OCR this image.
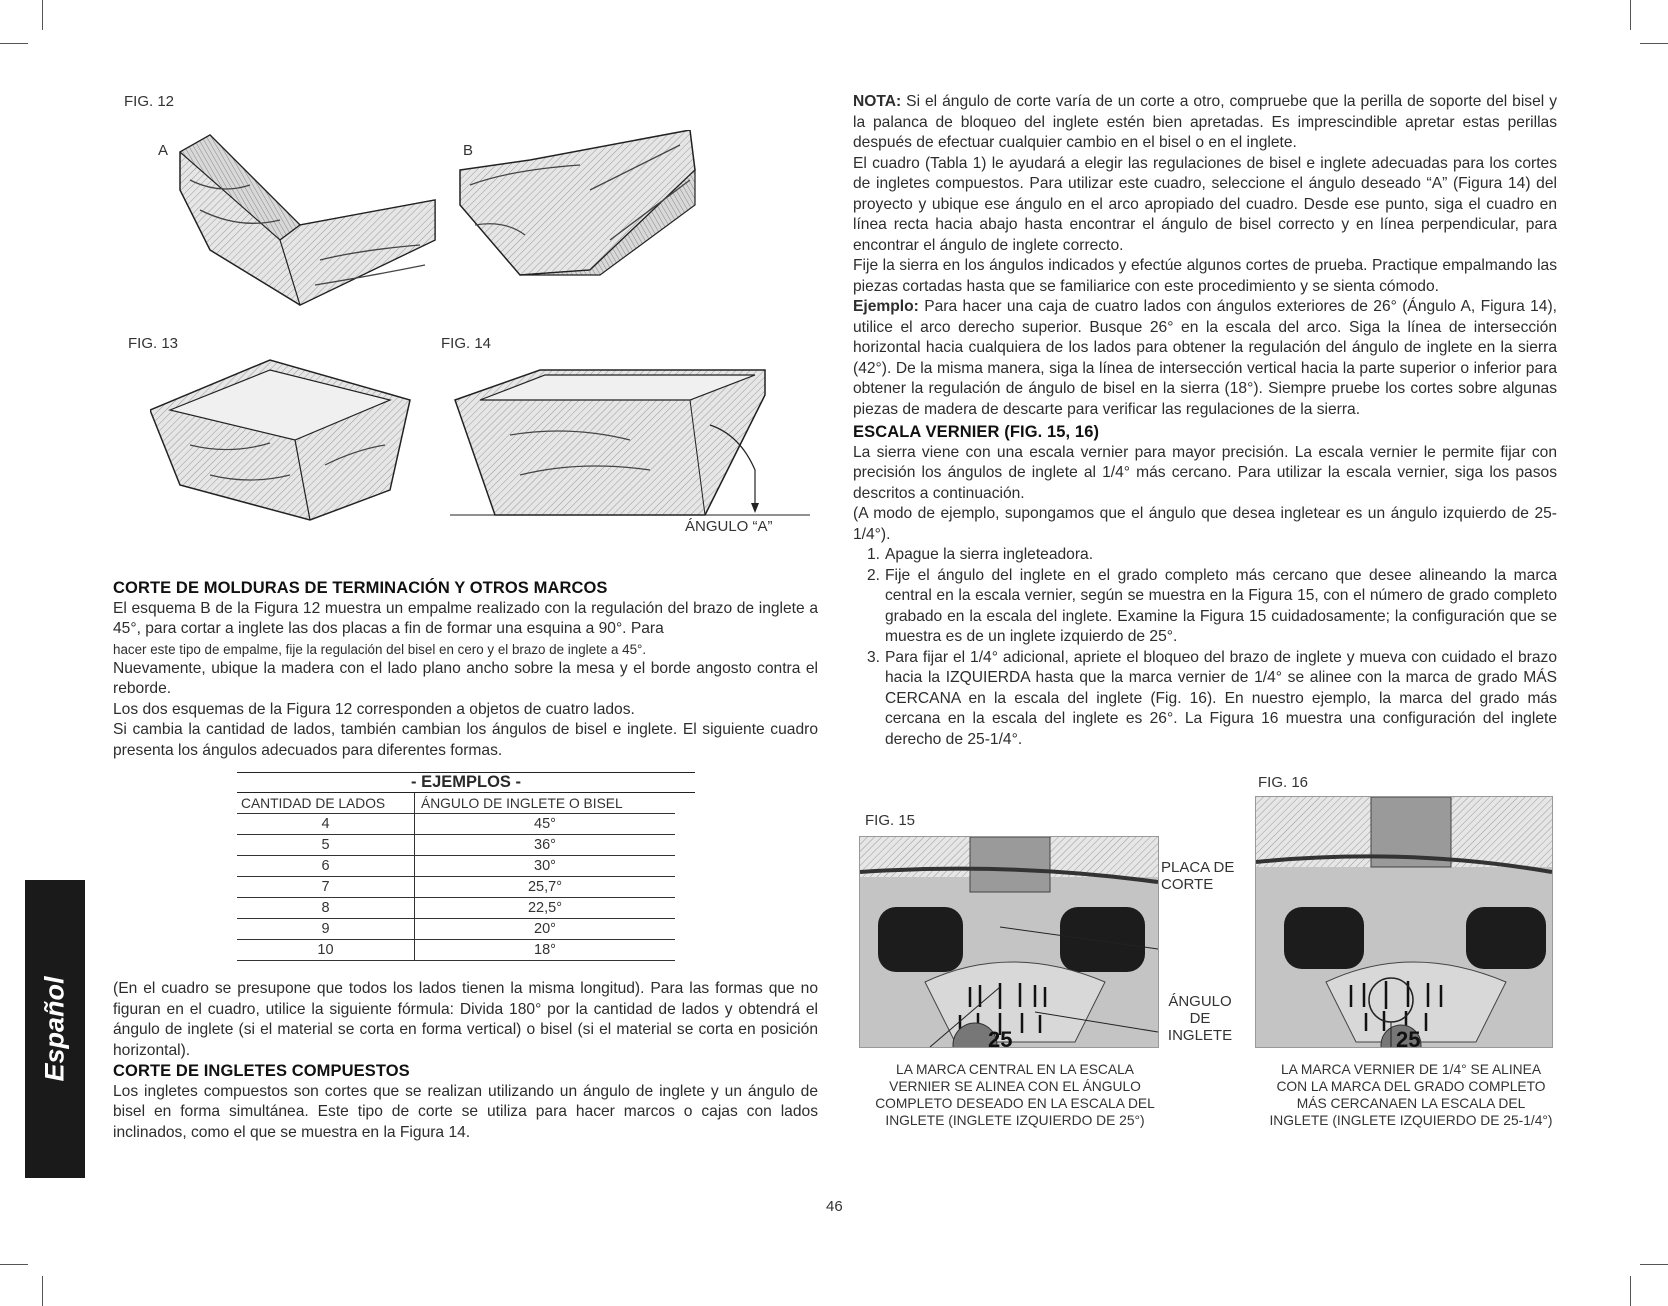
FIG. 12
A	B
FIG. 13	FIG. 14
ÁNGULO “A”
CORTE DE MOLDURAS DE TERMINACIÓN Y OTROS MARCOS

El esquema B de la Figura 12 muestra un empalme realizado con la regulación del brazo de inglete a 45°, para cortar a inglete las dos placas a fin de formar una esquina a 90°. Para

hacer este tipo de empalme, fije la regulación del bisel en cero y el brazo de inglete a 45°.

Nuevamente, ubique la madera con el lado plano ancho sobre la mesa y el borde angosto contra el reborde.

Los dos esquemas de la Figura 12 corresponden a objetos de cuatro lados.

Si cambia la cantidad de lados, también cambian los ángulos de bisel e inglete. El siguiente cuadro presenta los ángulos adecuados para diferentes formas.

- EJEMPLOS -
CANTIDAD DE LADOS	ÁNGULO DE INGLETE O BISEL
4	45°
5	36°
6	30°
7	25,7°
8	22,5°
9	20°
10	18°

(En el cuadro se presupone que todos los lados tienen la misma longitud). Para las formas que no figuran en el cuadro, utilice la siguiente fórmula: Divida 180° por la cantidad de lados y obtendrá el ángulo de inglete (si el material se corta en forma vertical) o bisel (si el material se corta en posición horizontal).

CORTE DE INGLETES COMPUESTOS

Los ingletes compuestos son cortes que se realizan utilizando un ángulo de inglete y un ángulo de bisel en forma simultánea. Este tipo de corte se utiliza para hacer marcos o cajas con lados inclinados, como el que se muestra en la Figura 14.

Español

NOTA: Si el ángulo de corte varía de un corte a otro, compruebe que la perilla de soporte del bisel y la palanca de bloqueo del inglete estén bien apretadas. Es imprescindible apretar estas perillas después de efectuar cualquier cambio en el bisel o en el inglete.

El cuadro (Tabla 1) le ayudará a elegir las regulaciones de bisel e inglete adecuadas para los cortes de ingletes compuestos. Para utilizar este cuadro, seleccione el ángulo deseado “A” (Figura 14) del proyecto y ubique ese ángulo en el arco apropiado del cuadro. Desde ese punto, siga el cuadro en línea recta hacia abajo hasta encontrar el ángulo de bisel correcto y en línea perpendicular, para encontrar el ángulo de inglete correcto.

Fije la sierra en los ángulos indicados y efectúe algunos cortes de prueba. Practique empalmando las piezas cortadas hasta que se familiarice con este procedimiento y se sienta cómodo.

Ejemplo: Para hacer una caja de cuatro lados con ángulos exteriores de 26° (Ángulo A, Figura 14), utilice el arco derecho superior. Busque 26° en la escala del arco. Siga la línea de intersección horizontal hacia cualquiera de los lados para obtener la regulación del ángulo de inglete en la sierra (42°). De la misma manera, siga la línea de intersección vertical hacia la parte superior o inferior para obtener la regulación de ángulo de bisel en la sierra (18°). Siempre pruebe los cortes sobre algunas piezas de madera de descarte para verificar las regulaciones de la sierra.

ESCALA VERNIER (FIG. 15, 16)

La sierra viene con una escala vernier para mayor precisión. La escala vernier le permite fijar con precisión los ángulos de inglete al 1/4° más cercano. Para utilizar la escala vernier, siga los pasos descritos a continuación.

(A modo de ejemplo, supongamos que el ángulo que desea ingletear es un ángulo izquierdo de 25-1/4°).

1. Apague la sierra ingleteadora.
2. Fije el ángulo del inglete en el grado completo más cercano que desee alineando la marca central en la escala vernier, según se muestra en la Figura 15, con el número de grado completo grabado en la escala del inglete. Examine la Figura 15 cuidadosamente; la configuración que se muestra es de un inglete izquierdo de 25°.
3. Para fijar el 1/4° adicional, apriete el bloqueo del brazo de inglete y mueva con cuidado el brazo hacia la IZQUIERDA hasta que la marca vernier de 1/4° se alinee con la marca de grado MÁS CERCANA en la escala del inglete (Fig. 16). En nuestro ejemplo, la marca del grado más cercana en la escala del inglete es 26°. La Figura 16 muestra una configuración del inglete derecho de 25-1/4°.
FIG. 15
25
PLACA DE CORTE
ÁNGULO DE INGLETE
LA MARCA CENTRAL EN LA ESCALA VERNIER SE ALINEA CON EL ÁNGULO COMPLETO DESEADO EN LA ESCALA DEL INGLETE (INGLETE IZQUIERDO DE 25°)
FIG. 16
25
LA MARCA VERNIER DE 1/4° SE ALINEA CON LA MARCA DEL GRADO COMPLETO MÁS CERCANAEN LA ESCALA DEL INGLETE (INGLETE IZQUIERDO DE 25-1/4°)
46
